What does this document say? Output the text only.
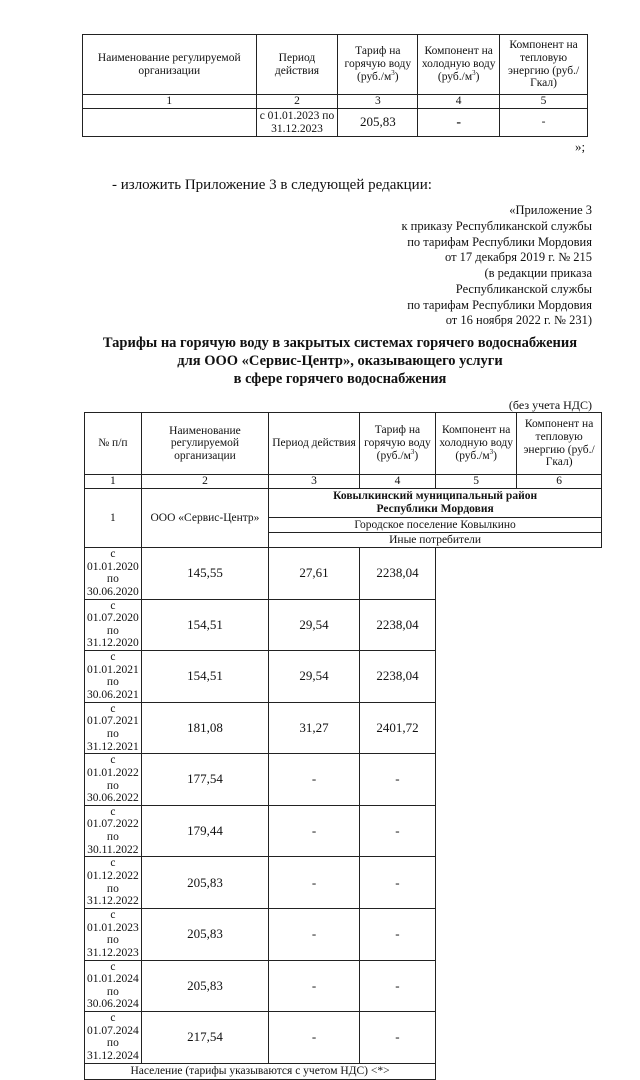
Наименование регулируемой организации	Период действия	Тариф на горячую воду $(руб./м^3)$	Компонент на холодную воду $(руб./м^3)$	Компонент на тепловую энергию (руб./Гкал)
1	2	3	4	5
	с 01.01.2023 по 31.12.2023	205,83	-	-
»;
- изложить Приложение 3 в следующей редакции:
«Приложение 3
к приказу Республиканской службы
по тарифам Республики Мордовия
от 17 декабря 2019 г. № 215
(в редакции приказа
Республиканской службы
по тарифам Республики Мордовия
от 16 ноября 2022 г. № 231)
Тарифы на горячую воду в закрытых системах горячего водоснабжения
для ООО «Сервис-Центр», оказывающего услуги
в сфере горячего водоснабжения
(без учета НДС)
№ п/п	Наименование регулируемой организации	Период действия	Тариф на горячую воду $(руб./м^3)$	Компонент на холодную воду $(руб./м^3)$	Компонент на тепловую энергию (руб./Гкал)
1	2	3	4	5	6
1	ООО «Сервис-Центр»	Ковылкинский муниципальный район
Республики Мордовия			

		Городское поселение Ковылкино			
		Иные потребители			

с 01.01.2020
по 30.06.2020	145,55	27,61	2238,04		

с 01.07.2020
по 31.12.2020	154,51	29,54	2238,04		

с 01.01.2021
по 30.06.2021	154,51	29,54	2238,04		

с 01.07.2021
по 31.12.2021	181,08	31,27	2401,72		

с 01.01.2022
по 30.06.2022	177,54	-	-		

с 01.07.2022
по 30.11.2022	179,44	-	-		

с 01.12.2022
по 31.12.2022	205,83	-	-		

с 01.01.2023
по 31.12.2023	205,83	-	-		

с 01.01.2024
по 30.06.2024	205,83	-	-		

с 01.07.2024
по 31.12.2024	217,54	-	-		
Население (тарифы указываются с учетом НДС) <*>					
